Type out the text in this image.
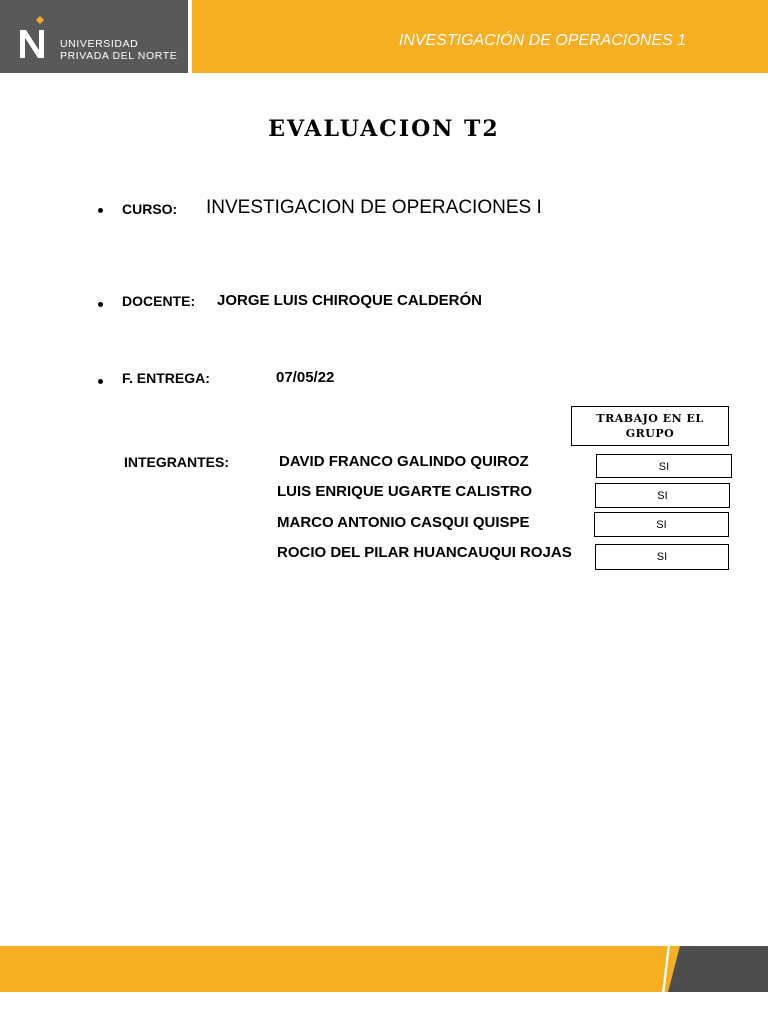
UNIVERSIDAD
PRIVADA DEL NORTE
INVESTIGACIÓN DE OPERACIONES 1
EVALUACION T2
CURSO: INVESTIGACION DE OPERACIONES I
DOCENTE: JORGE LUIS CHIROQUE CALDERÓN
F. ENTREGA:	07/05/22
TRABAJO EN EL GRUPO
INTEGRANTES:	DAVID FRANCO GALINDO QUIROZ	SI
LUIS ENRIQUE UGARTE CALISTRO	SI
MARCO ANTONIO CASQUI QUISPE	SI
ROCIO DEL PILAR HUANCAUQUI ROJAS	SI
